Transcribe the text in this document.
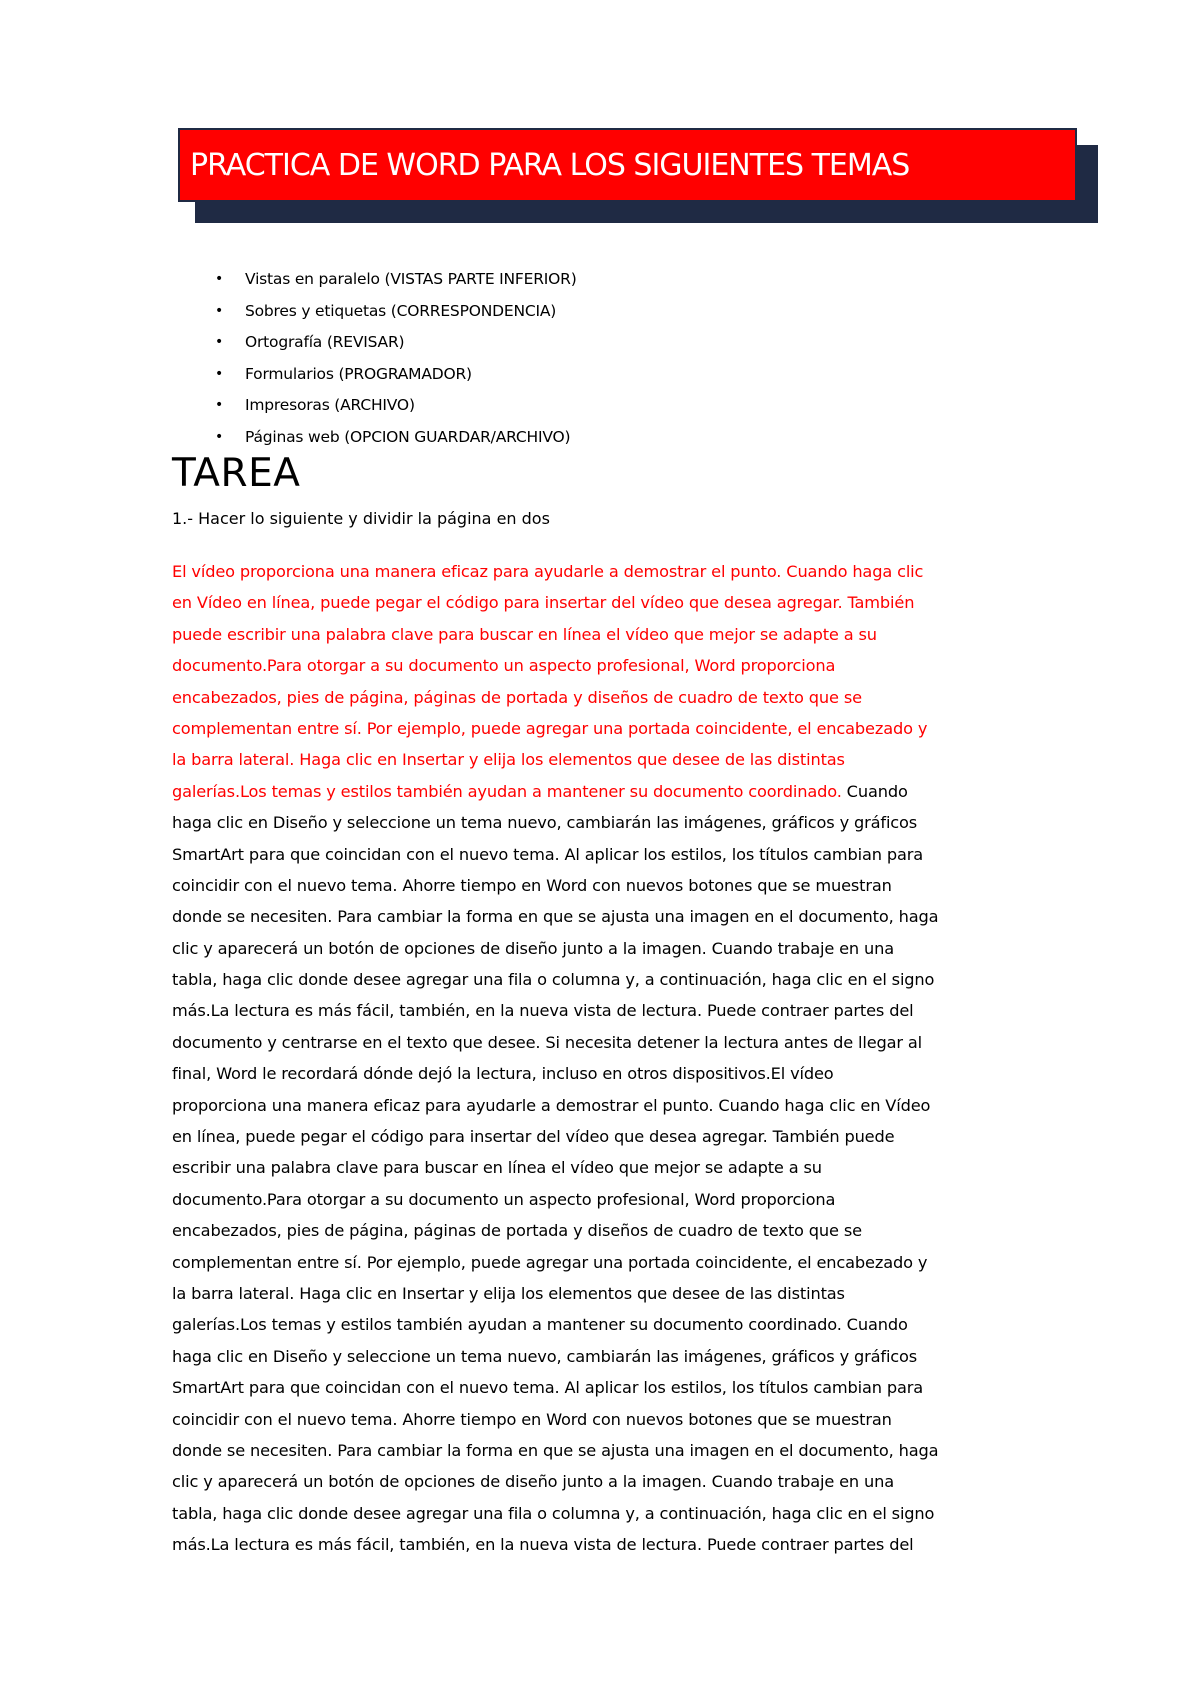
PRACTICA DE WORD PARA LOS SIGUIENTES TEMAS
• Vistas en paralelo (VISTAS PARTE INFERIOR)
• Sobres y etiquetas (CORRESPONDENCIA)
• Ortografía (REVISAR)
• Formularios (PROGRAMADOR)
• Impresoras (ARCHIVO)
• Páginas web (OPCION GUARDAR/ARCHIVO)
TAREA

1.- Hacer lo siguiente y dividir la página en dos

El vídeo proporciona una manera eficaz para ayudarle a demostrar el punto. Cuando haga clic
en Vídeo en línea, puede pegar el código para insertar del vídeo que desea agregar. También
puede escribir una palabra clave para buscar en línea el vídeo que mejor se adapte a su
documento.Para otorgar a su documento un aspecto profesional, Word proporciona
encabezados, pies de página, páginas de portada y diseños de cuadro de texto que se
complementan entre sí. Por ejemplo, puede agregar una portada coincidente, el encabezado y
la barra lateral. Haga clic en Insertar y elija los elementos que desee de las distintas
galerías.Los temas y estilos también ayudan a mantener su documento coordinado. Cuando
haga clic en Diseño y seleccione un tema nuevo, cambiarán las imágenes, gráficos y gráficos
SmartArt para que coincidan con el nuevo tema. Al aplicar los estilos, los títulos cambian para
coincidir con el nuevo tema. Ahorre tiempo en Word con nuevos botones que se muestran
donde se necesiten. Para cambiar la forma en que se ajusta una imagen en el documento, haga
clic y aparecerá un botón de opciones de diseño junto a la imagen. Cuando trabaje en una
tabla, haga clic donde desee agregar una fila o columna y, a continuación, haga clic en el signo
más.La lectura es más fácil, también, en la nueva vista de lectura. Puede contraer partes del
documento y centrarse en el texto que desee. Si necesita detener la lectura antes de llegar al
final, Word le recordará dónde dejó la lectura, incluso en otros dispositivos.El vídeo
proporciona una manera eficaz para ayudarle a demostrar el punto. Cuando haga clic en Vídeo
en línea, puede pegar el código para insertar del vídeo que desea agregar. También puede
escribir una palabra clave para buscar en línea el vídeo que mejor se adapte a su
documento.Para otorgar a su documento un aspecto profesional, Word proporciona
encabezados, pies de página, páginas de portada y diseños de cuadro de texto que se
complementan entre sí. Por ejemplo, puede agregar una portada coincidente, el encabezado y
la barra lateral. Haga clic en Insertar y elija los elementos que desee de las distintas
galerías.Los temas y estilos también ayudan a mantener su documento coordinado. Cuando
haga clic en Diseño y seleccione un tema nuevo, cambiarán las imágenes, gráficos y gráficos
SmartArt para que coincidan con el nuevo tema. Al aplicar los estilos, los títulos cambian para
coincidir con el nuevo tema. Ahorre tiempo en Word con nuevos botones que se muestran
donde se necesiten. Para cambiar la forma en que se ajusta una imagen en el documento, haga
clic y aparecerá un botón de opciones de diseño junto a la imagen. Cuando trabaje en una
tabla, haga clic donde desee agregar una fila o columna y, a continuación, haga clic en el signo
más.La lectura es más fácil, también, en la nueva vista de lectura. Puede contraer partes del
